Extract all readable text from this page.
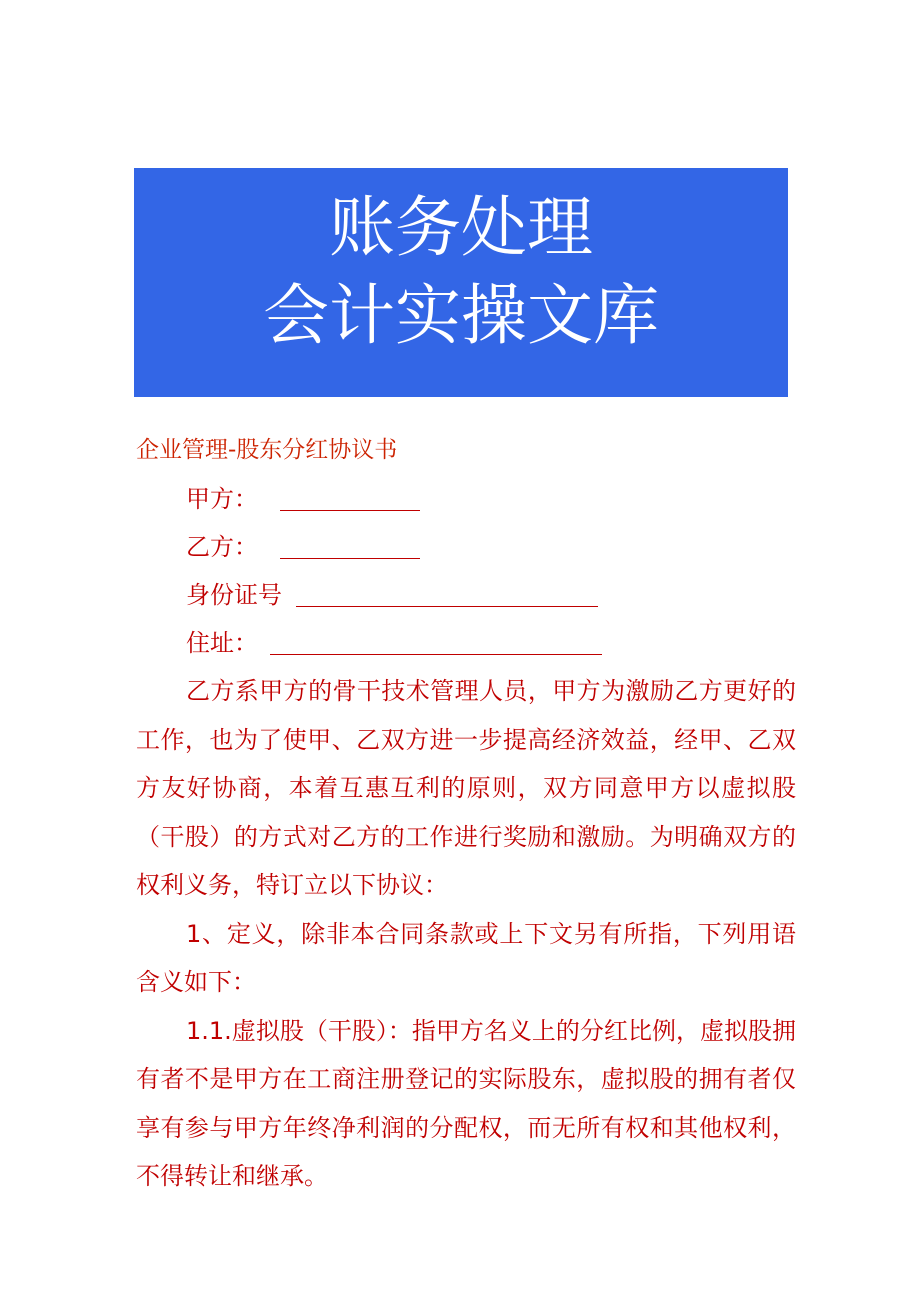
账务处理
会计实操文库
企业管理-股东分红协议书
甲方：
乙方：
身份证号
住址：

乙方系甲方的骨干技术管理人员，甲方为激励乙方更好的工作，也为了使甲、乙双方进一步提高经济效益，经甲、乙双方友好协商，本着互惠互利的原则，双方同意甲方以虚拟股（干股）的方式对乙方的工作进行奖励和激励。为明确双方的权利义务，特订立以下协议：

1、定义，除非本合同条款或上下文另有所指，下列用语含义如下：

1.1.虚拟股（干股）：指甲方名义上的分红比例，虚拟股拥有者不是甲方在工商注册登记的实际股东，虚拟股的拥有者仅享有参与甲方年终净利润的分配权，而无所有权和其他权利，不得转让和继承。
